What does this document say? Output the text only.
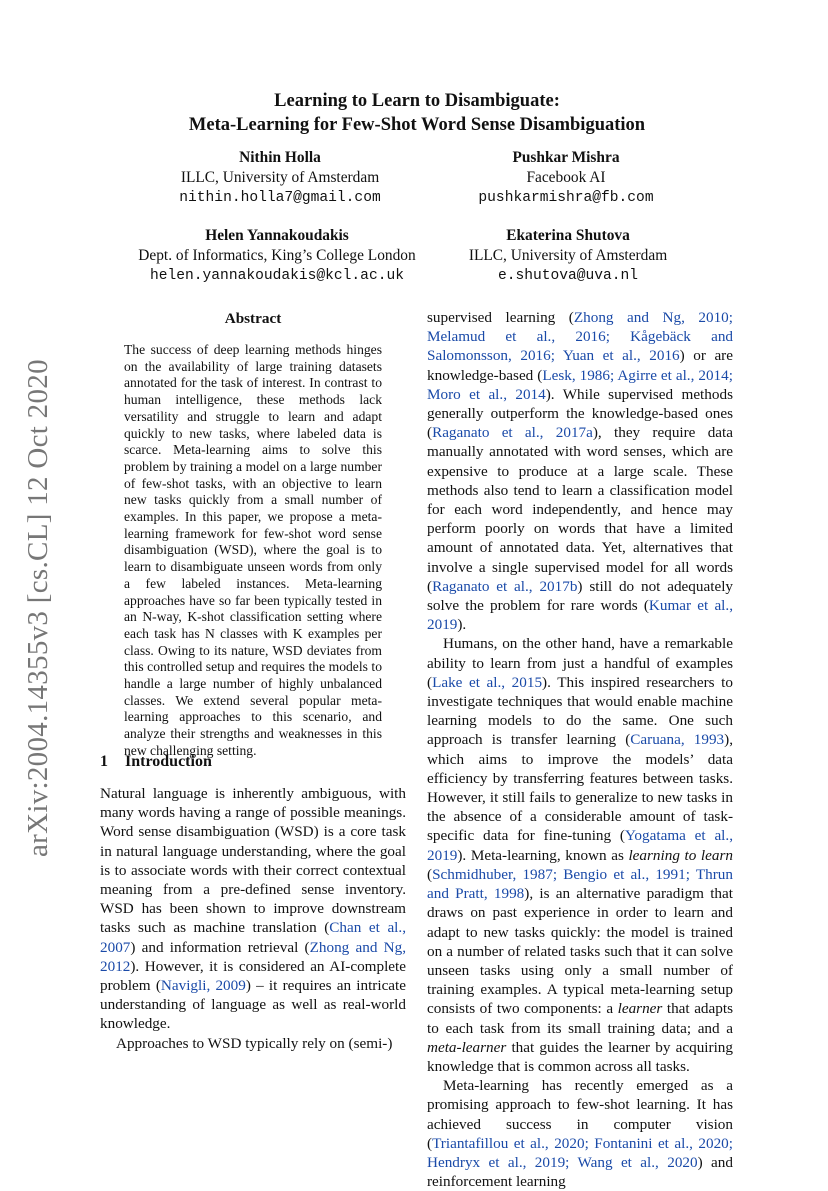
arXiv:2004.14355v3 [cs.CL] 12 Oct 2020
Learning to Learn to Disambiguate:
Meta-Learning for Few-Shot Word Sense Disambiguation
Nithin Holla
ILLC, University of Amsterdam
nithin.holla7@gmail.com
Pushkar Mishra
Facebook AI
pushkarmishra@fb.com
Helen Yannakoudakis
Dept. of Informatics, King’s College London
helen.yannakoudakis@kcl.ac.uk
Ekaterina Shutova
ILLC, University of Amsterdam
e.shutova@uva.nl
Abstract
The success of deep learning methods hinges on the availability of large training datasets annotated for the task of interest. In contrast to human intelligence, these methods lack versatility and struggle to learn and adapt quickly to new tasks, where labeled data is scarce. Meta-learning aims to solve this problem by training a model on a large number of few-shot tasks, with an objective to learn new tasks quickly from a small number of examples. In this paper, we propose a meta-learning framework for few-shot word sense disambiguation (WSD), where the goal is to learn to disambiguate unseen words from only a few labeled instances. Meta-learning approaches have so far been typically tested in an N-way, K-shot classification setting where each task has N classes with K examples per class. Owing to its nature, WSD deviates from this controlled setup and requires the models to handle a large number of highly unbalanced classes. We extend several popular meta-learning approaches to this scenario, and analyze their strengths and weaknesses in this new challenging setting.
1 Introduction

Natural language is inherently ambiguous, with many words having a range of possible meanings. Word sense disambiguation (WSD) is a core task in natural language understanding, where the goal is to associate words with their correct contextual meaning from a pre-defined sense inventory. WSD has been shown to improve downstream tasks such as machine translation (Chan et al., 2007) and information retrieval (Zhong and Ng, 2012). However, it is considered an AI-complete problem (Navigli, 2009) – it requires an intricate understanding of language as well as real-world knowledge.

Approaches to WSD typically rely on (semi-)

supervised learning (Zhong and Ng, 2010; Melamud et al., 2016; Kågebäck and Salomonsson, 2016; Yuan et al., 2016) or are knowledge-based (Lesk, 1986; Agirre et al., 2014; Moro et al., 2014). While supervised methods generally outperform the knowledge-based ones (Raganato et al., 2017a), they require data manually annotated with word senses, which are expensive to produce at a large scale. These methods also tend to learn a classification model for each word independently, and hence may perform poorly on words that have a limited amount of annotated data. Yet, alternatives that involve a single supervised model for all words (Raganato et al., 2017b) still do not adequately solve the problem for rare words (Kumar et al., 2019).

Humans, on the other hand, have a remarkable ability to learn from just a handful of examples (Lake et al., 2015). This inspired researchers to investigate techniques that would enable machine learning models to do the same. One such approach is transfer learning (Caruana, 1993), which aims to improve the models’ data efficiency by transferring features between tasks. However, it still fails to generalize to new tasks in the absence of a considerable amount of task-specific data for fine-tuning (Yogatama et al., 2019). Meta-learning, known as learning to learn (Schmidhuber, 1987; Bengio et al., 1991; Thrun and Pratt, 1998), is an alternative paradigm that draws on past experience in order to learn and adapt to new tasks quickly: the model is trained on a number of related tasks such that it can solve unseen tasks using only a small number of training examples. A typical meta-learning setup consists of two components: a learner that adapts to each task from its small training data; and a meta-learner that guides the learner by acquiring knowledge that is common across all tasks.

Meta-learning has recently emerged as a promising approach to few-shot learning. It has achieved success in computer vision (Triantafillou et al., 2020; Fontanini et al., 2020; Hendryx et al., 2019; Wang et al., 2020) and reinforcement learning
